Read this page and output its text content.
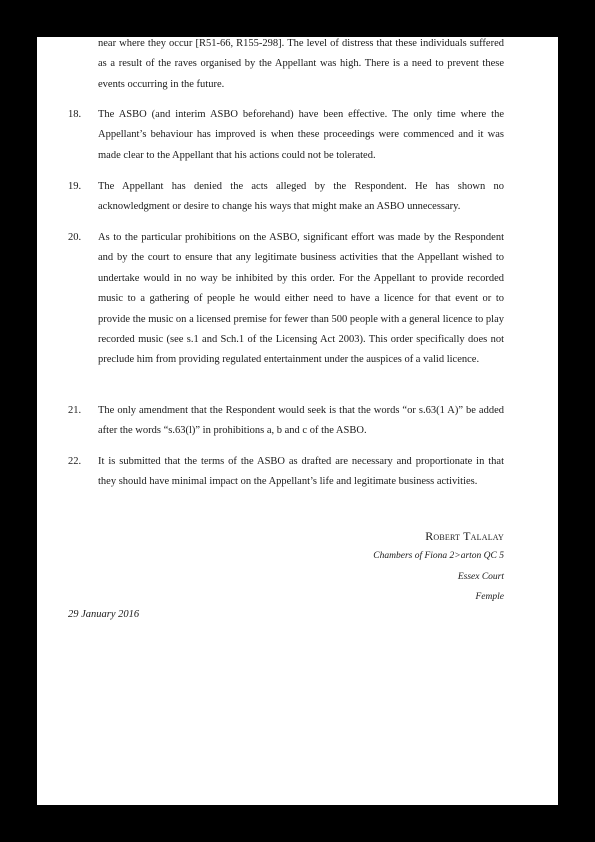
near where they occur [R51-66, R155-298]. The level of distress that these individuals suffered as a result of the raves organised by the Appellant was high. There is a need to prevent these events occurring in the future.
18. The ASBO (and interim ASBO beforehand) have been effective. The only time where the Appellant’s behaviour has improved is when these proceedings were commenced and it was made clear to the Appellant that his actions could not be tolerated.
19. The Appellant has denied the acts alleged by the Respondent. He has shown no acknowledgment or desire to change his ways that might make an ASBO unnecessary.
20. As to the particular prohibitions on the ASBO, significant effort was made by the Respondent and by the court to ensure that any legitimate business activities that the Appellant wished to undertake would in no way be inhibited by this order. For the Appellant to provide recorded music to a gathering of people he would either need to have a licence for that event or to provide the music on a licensed premise for fewer than 500 people with a general licence to play recorded music (see s.1 and Sch.1 of the Licensing Act 2003). This order specifically does not preclude him from providing regulated entertainment under the auspices of a valid licence.
21. The only amendment that the Respondent would seek is that the words “or s.63(1 A)” be added after the words “s.63(l)” in prohibitions a, b and c of the ASBO.
22. It is submitted that the terms of the ASBO as drafted are necessary and proportionate in that they should have minimal impact on the Appellant’s life and legitimate business activities.
Robert Talalay
Chambers of Fiona 2>arton QC 5
Essex Court
Femple
29 January 2016
